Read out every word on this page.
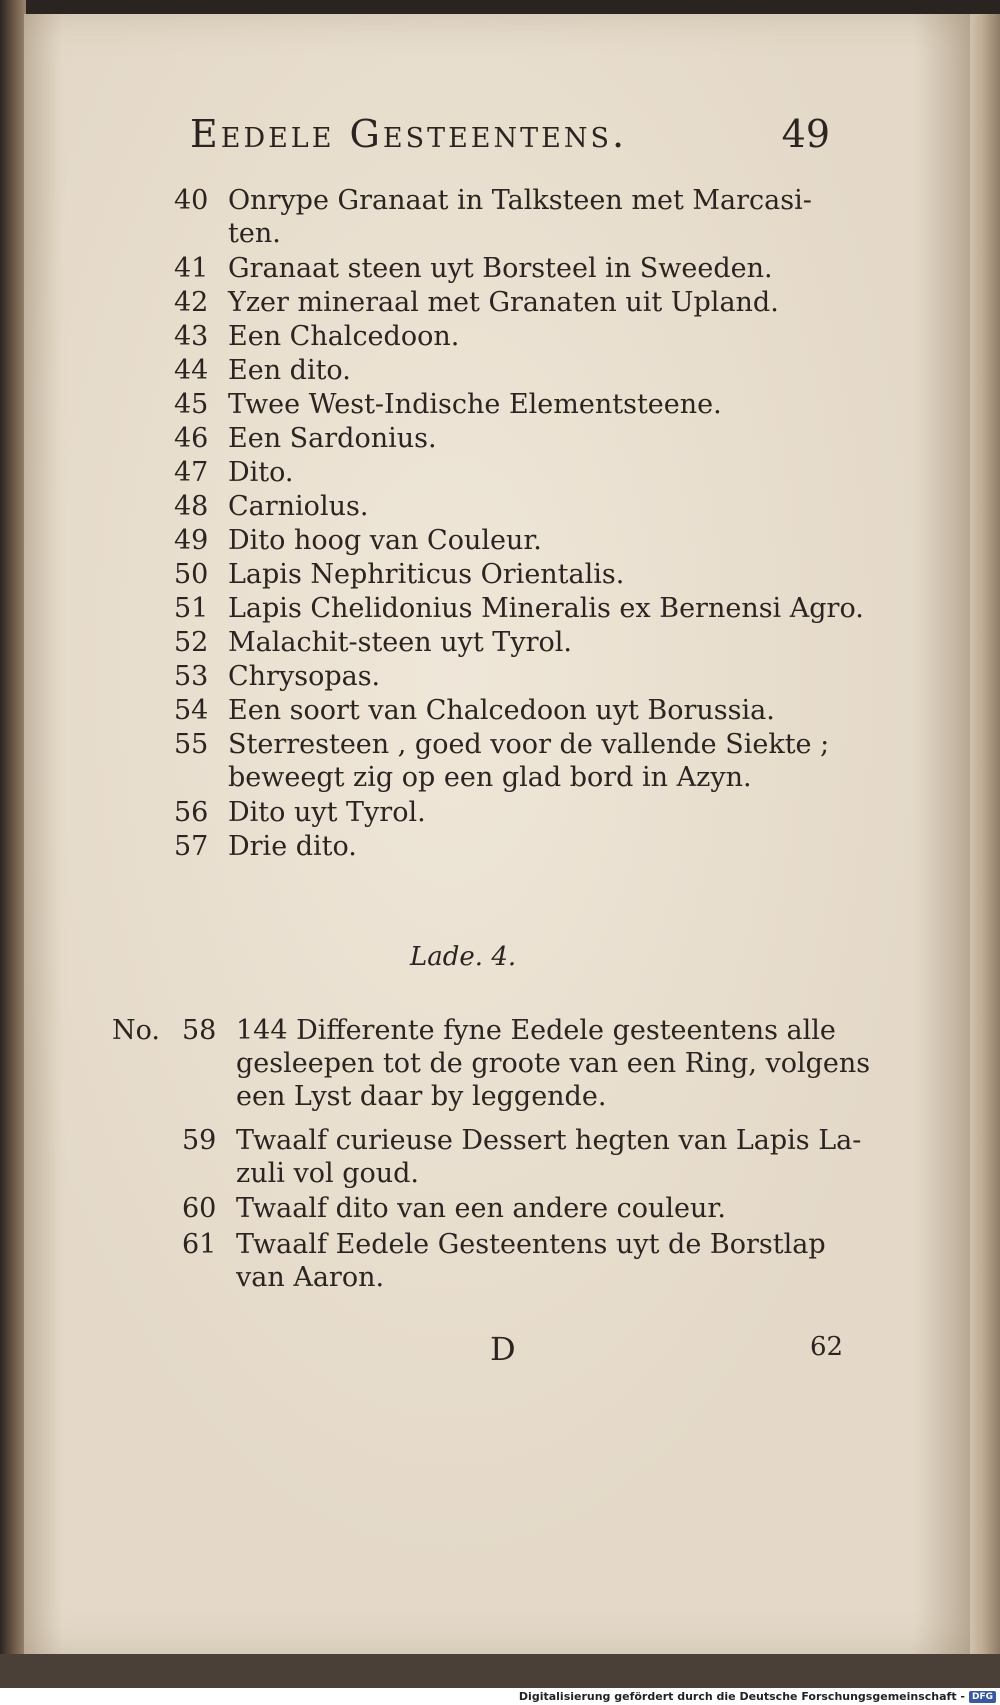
Eedele Gesteentens.	49
40 Onrype Granaat in Talksteen met Marcasi-
ten.
41 Granaat steen uyt Borsteel in Sweeden.
42 Yzer mineraal met Granaten uit Upland.
43 Een Chalcedoon.
44 Een dito.
45 Twee West-Indische Elementsteene.
46 Een Sardonius.
47 Dito.
48 Carniolus.
49 Dito hoog van Couleur.
50 Lapis Nephriticus Orientalis.
51 Lapis Chelidonius Mineralis ex Bernensi Agro.
52 Malachit-steen uyt Tyrol.
53 Chrysopas.
54 Een soort van Chalcedoon uyt Borussia.
55 Sterresteen , goed voor de vallende Siekte ;
beweegt zig op een glad bord in Azyn.
56 Dito uyt Tyrol.
57 Drie dito.
Lade. 4.
No. 58 144 Differente fyne Eedele gesteentens alle
gesleepen tot de groote van een Ring, volgens
een Lyst daar by leggende.
59 Twaalf curieuse Dessert hegten van Lapis La-
zuli vol goud.
60 Twaalf dito van een andere couleur.
61 Twaalf Eedele Gesteentens uyt de Borstlap
van Aaron.
D	62
Digitalisierung gefördert durch die Deutsche Forschungsgemeinschaft - DFG
